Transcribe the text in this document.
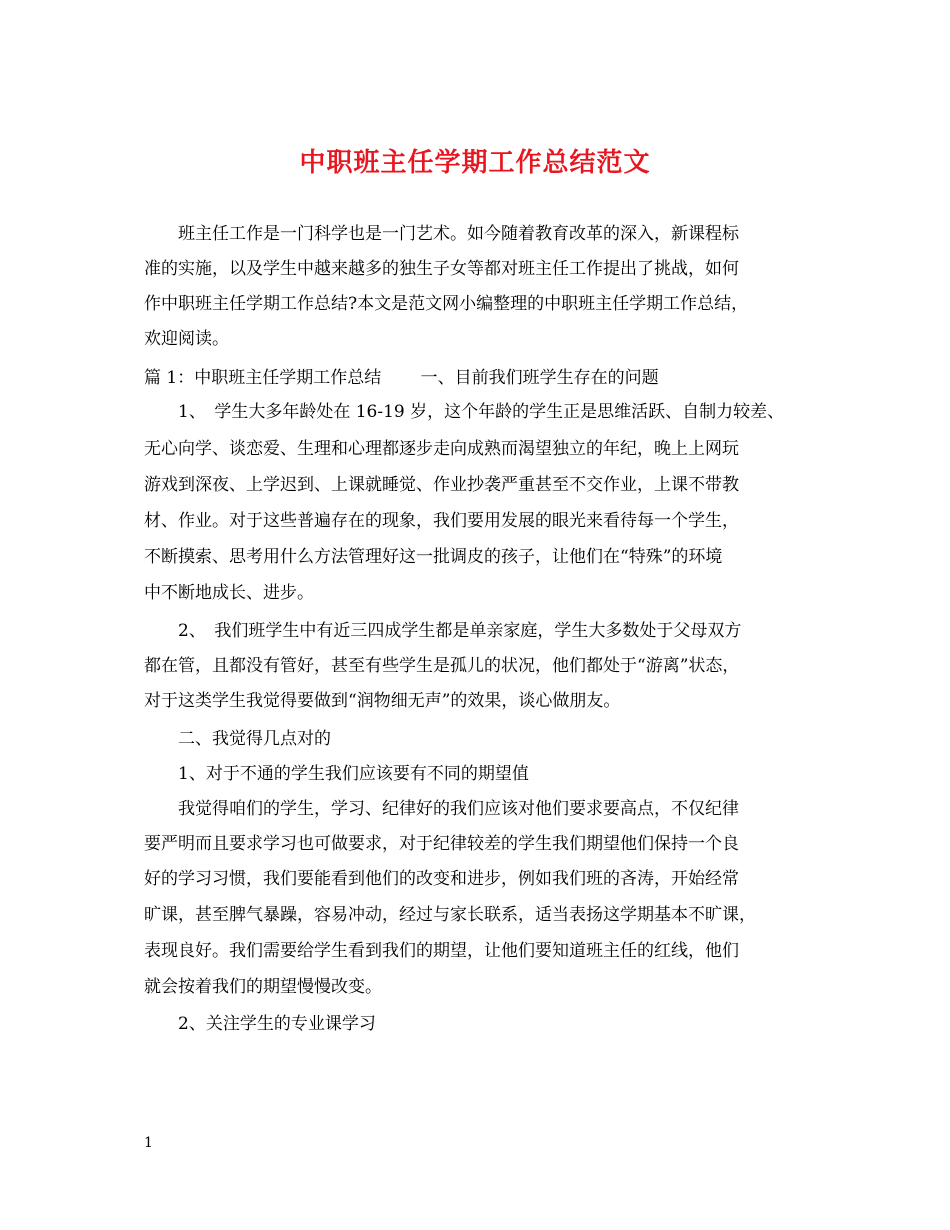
中职班主任学期工作总结范文

班主任工作是一门科学也是一门艺术。如今随着教育改革的深入，新课程标

准的实施，以及学生中越来越多的独生子女等都对班主任工作提出了挑战，如何

作中职班主任学期工作总结?本文是范文网小编整理的中职班主任学期工作总结，

欢迎阅读。

篇 1：中职班主任学期工作总结　　 一、目前我们班学生存在的问题

1、　学生大多年龄处在 16-19 岁，这个年龄的学生正是思维活跃、自制力较差、

无心向学、谈恋爱、生理和心理都逐步走向成熟而渴望独立的年纪，晚上上网玩

游戏到深夜、上学迟到、上课就睡觉、作业抄袭严重甚至不交作业，上课不带教

材、作业。对于这些普遍存在的现象，我们要用发展的眼光来看待每一个学生，

不断摸索、思考用什么方法管理好这一批调皮的孩子，让他们在“特殊”的环境

中不断地成长、进步。

2、　我们班学生中有近三四成学生都是单亲家庭，学生大多数处于父母双方

都在管，且都没有管好，甚至有些学生是孤儿的状况，他们都处于“游离”状态，

对于这类学生我觉得要做到“润物细无声”的效果，谈心做朋友。

二、我觉得几点对的

1、对于不通的学生我们应该要有不同的期望值

我觉得咱们的学生，学习、纪律好的我们应该对他们要求要高点，不仅纪律

要严明而且要求学习也可做要求，对于纪律较差的学生我们期望他们保持一个良

好的学习习惯，我们要能看到他们的改变和进步，例如我们班的吝涛，开始经常

旷课，甚至脾气暴躁，容易冲动，经过与家长联系，适当表扬这学期基本不旷课，

表现良好。我们需要给学生看到我们的期望，让他们要知道班主任的红线，他们

就会按着我们的期望慢慢改变。

2、关注学生的专业课学习

1
